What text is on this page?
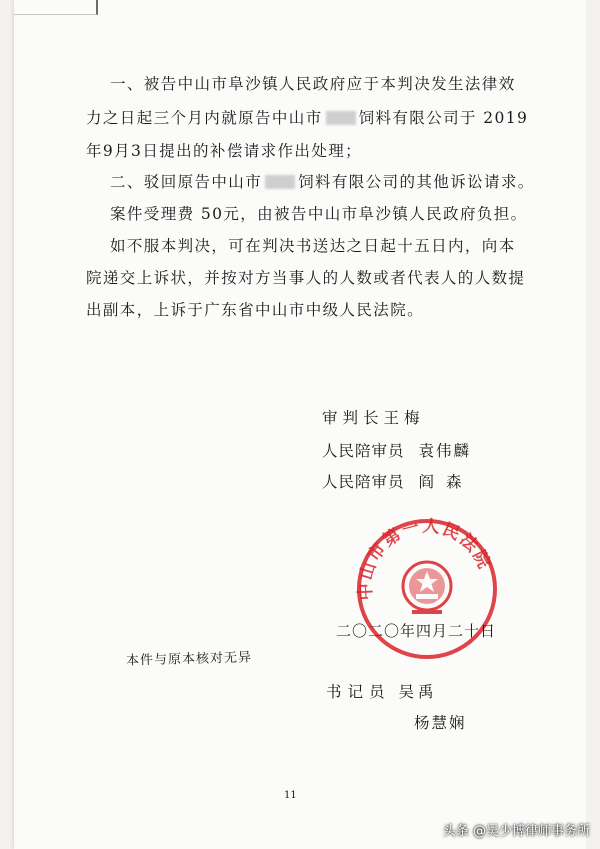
一、被告中山市阜沙镇人民政府应于本判决发生法律效
力之日起三个月内就原告中山市 饲料有限公司于 2019
年9月3日提出的补偿请求作出处理；
二、驳回原告中山市 饲料有限公司的其他诉讼请求。
案件受理费 50元，由被告中山市阜沙镇人民政府负担。
如不服本判决，可在判决书送达之日起十五日内，向本
院递交上诉状，并按对方当事人的人数或者代表人的人数提
出副本，上诉于广东省中山市中级人民法院。
审判长王梅
人民陪审员 袁伟麟
人民陪审员 阎森
中山市第一人民法院
二〇二〇年四月二十日
本件与原本核对无异
书记员 吴禹
杨慧娴
11
头条 @吴少博律师事务所
